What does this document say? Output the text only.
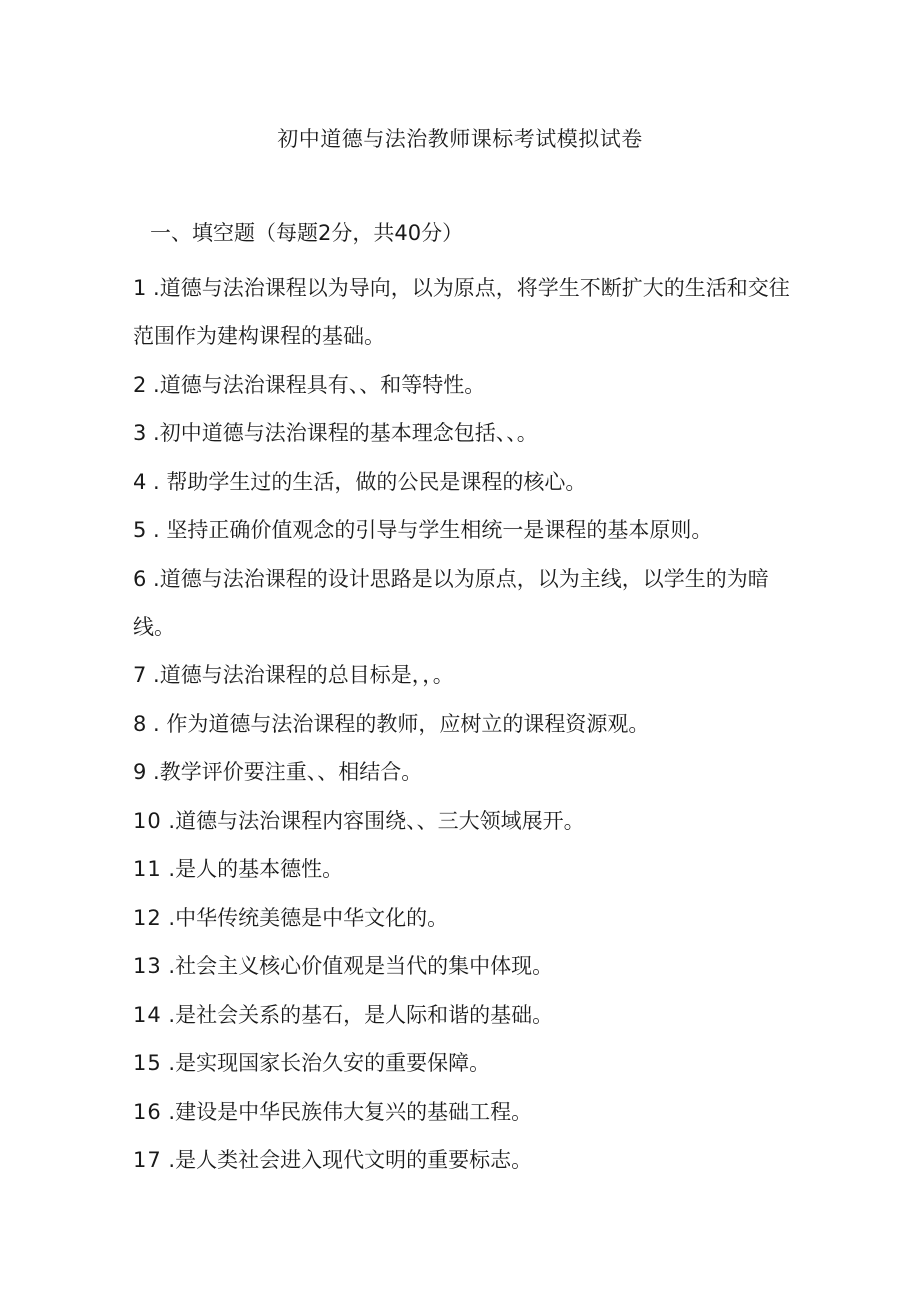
初中道德与法治教师课标考试模拟试卷
一、填空题（每题2分，共40分）
1 .道德与法治课程以为导向，以为原点，将学生不断扩大的生活和交往范围作为建构课程的基础。
2 .道德与法治课程具有、、和等特性。
3 .初中道德与法治课程的基本理念包括、、。
4 . 帮助学生过的生活，做的公民是课程的核心。
5 . 坚持正确价值观念的引导与学生相统一是课程的基本原则。
6 .道德与法治课程的设计思路是以为原点，以为主线，以学生的为暗线。
7 .道德与法治课程的总目标是，，。
8 . 作为道德与法治课程的教师，应树立的课程资源观。
9 .教学评价要注重、、相结合。
10 .道德与法治课程内容围绕、、三大领域展开。
11 .是人的基本德性。
12 .中华传统美德是中华文化的。
13 .社会主义核心价值观是当代的集中体现。
14 .是社会关系的基石，是人际和谐的基础。
15 .是实现国家长治久安的重要保障。
16 .建设是中华民族伟大复兴的基础工程。
17 .是人类社会进入现代文明的重要标志。
